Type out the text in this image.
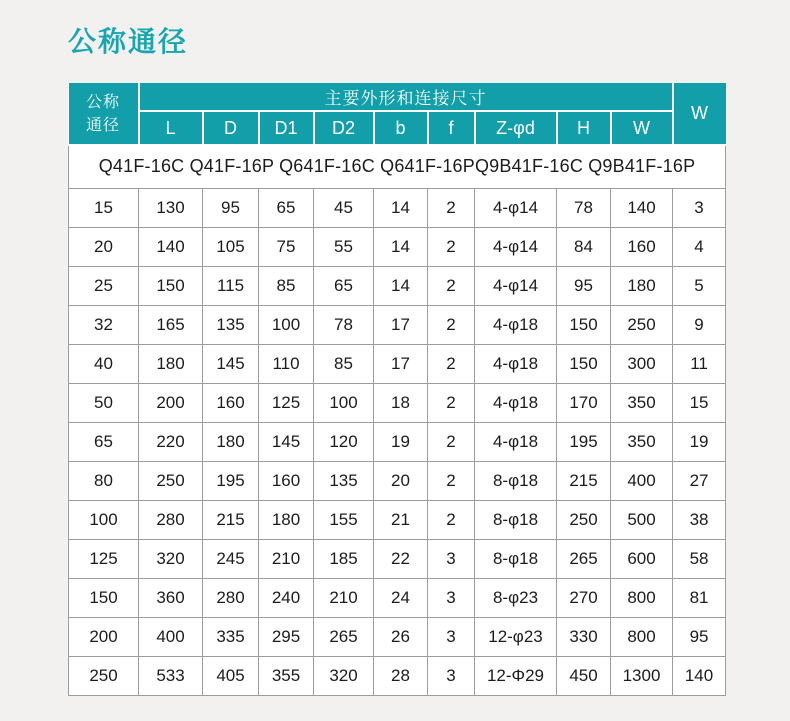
公称通径
公称通径	主要外形和连接尺寸									W
	L	D	D1	D2	b	f	Z-φd	H	W	
Q41F-16C Q41F-16P Q641F-16C Q641F-16PQ9B41F-16C Q9B41F-16P										
15	130	95	65	45	14	2	4-φ14	78	140	3
20	140	105	75	55	14	2	4-φ14	84	160	4
25	150	115	85	65	14	2	4-φ14	95	180	5
32	165	135	100	78	17	2	4-φ18	150	250	9
40	180	145	110	85	17	2	4-φ18	150	300	11
50	200	160	125	100	18	2	4-φ18	170	350	15
65	220	180	145	120	19	2	4-φ18	195	350	19
80	250	195	160	135	20	2	8-φ18	215	400	27
100	280	215	180	155	21	2	8-φ18	250	500	38
125	320	245	210	185	22	3	8-φ18	265	600	58
150	360	280	240	210	24	3	8-φ23	270	800	81
200	400	335	295	265	26	3	12-φ23	330	800	95
250	533	405	355	320	28	3	12-Φ29	450	1300	140
